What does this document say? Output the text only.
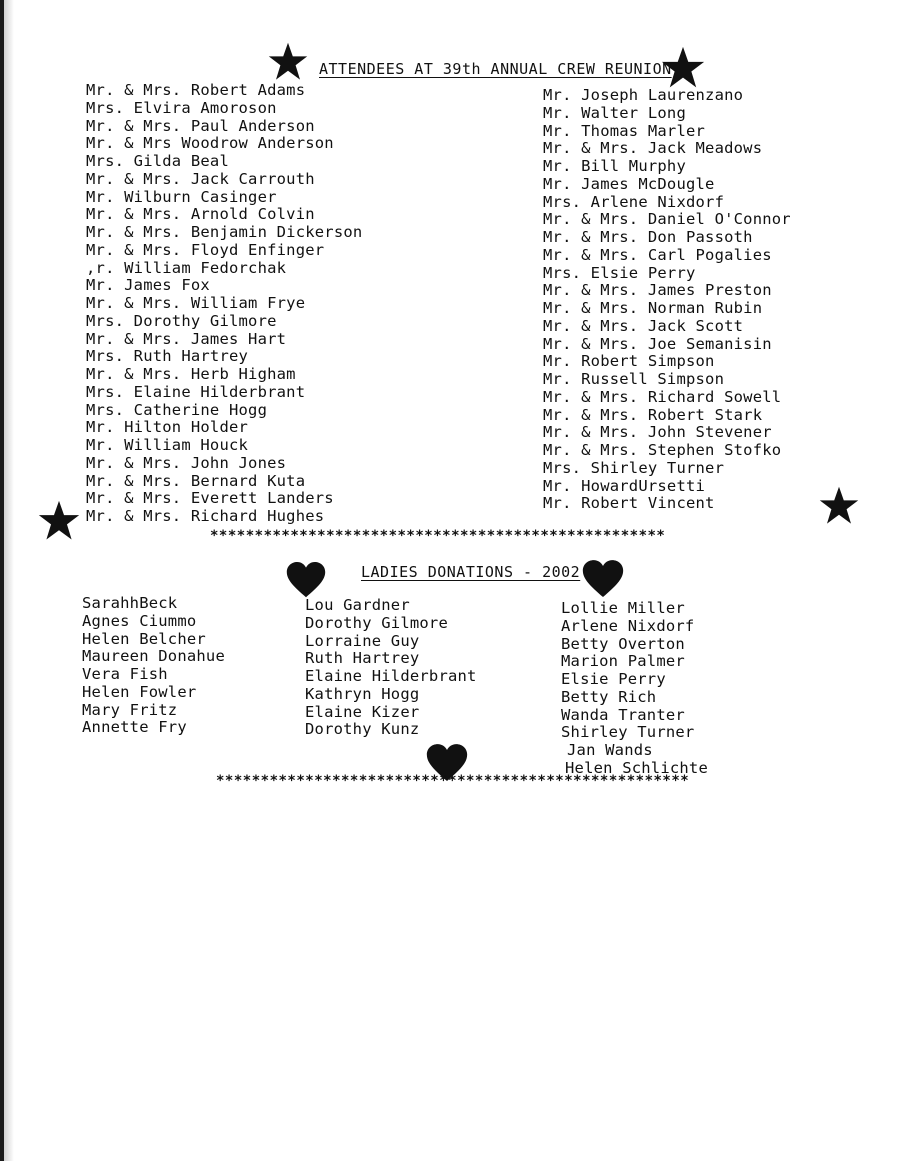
ATTENDEES AT 39th ANNUAL CREW REUNION
Mr. & Mrs. Robert Adams
Mrs. Elvira Amoroson
Mr. & Mrs. Paul Anderson
Mr. & Mrs Woodrow Anderson
Mrs. Gilda Beal
Mr. & Mrs. Jack Carrouth
Mr. Wilburn Casinger
Mr. & Mrs. Arnold Colvin
Mr. & Mrs. Benjamin Dickerson
Mr. & Mrs. Floyd Enfinger
,r. William Fedorchak
Mr. James Fox
Mr. & Mrs. William Frye
Mrs. Dorothy Gilmore
Mr. & Mrs. James Hart
Mrs. Ruth Hartrey
Mr. & Mrs. Herb Higham
Mrs. Elaine Hilderbrant
Mrs. Catherine Hogg
Mr. Hilton Holder
Mr. William Houck
Mr. & Mrs. John Jones
Mr. & Mrs. Bernard Kuta
Mr. & Mrs. Everett Landers
Mr. & Mrs. Richard Hughes
Mr. Joseph Laurenzano
Mr. Walter Long
Mr. Thomas Marler
Mr. & Mrs. Jack Meadows
Mr. Bill Murphy
Mr. James McDougle
Mrs. Arlene Nixdorf
Mr. & Mrs. Daniel O'Connor
Mr. & Mrs. Don Passoth
Mr. & Mrs. Carl Pogalies
Mrs. Elsie Perry
Mr. & Mrs. James Preston
Mr. & Mrs. Norman Rubin
Mr. & Mrs. Jack Scott
Mr. & Mrs. Joe Semanisin
Mr. Robert Simpson
Mr. Russell Simpson
Mr. & Mrs. Richard Sowell
Mr. & Mrs. Robert Stark
Mr. & Mrs. John Stevener
Mr. & Mrs. Stephen Stofko
Mrs. Shirley Turner
Mr. HowardUrsetti
Mr. Robert Vincent
***************************************************
LADIES DONATIONS - 2002
SarahhBeck
Agnes Ciummo
Helen Belcher
Maureen Donahue
Vera Fish
Helen Fowler
Mary Fritz
Annette Fry
Lou Gardner
Dorothy Gilmore
Lorraine Guy
Ruth Hartrey
Elaine Hilderbrant
Kathryn Hogg
Elaine Kizer
Dorothy Kunz
Lollie Miller
Arlene Nixdorf
Betty Overton
Marion Palmer
Elsie Perry
Betty Rich
Wanda Tranter
Shirley Turner
Jan Wands
Helen Schlichte
*****************************************************
